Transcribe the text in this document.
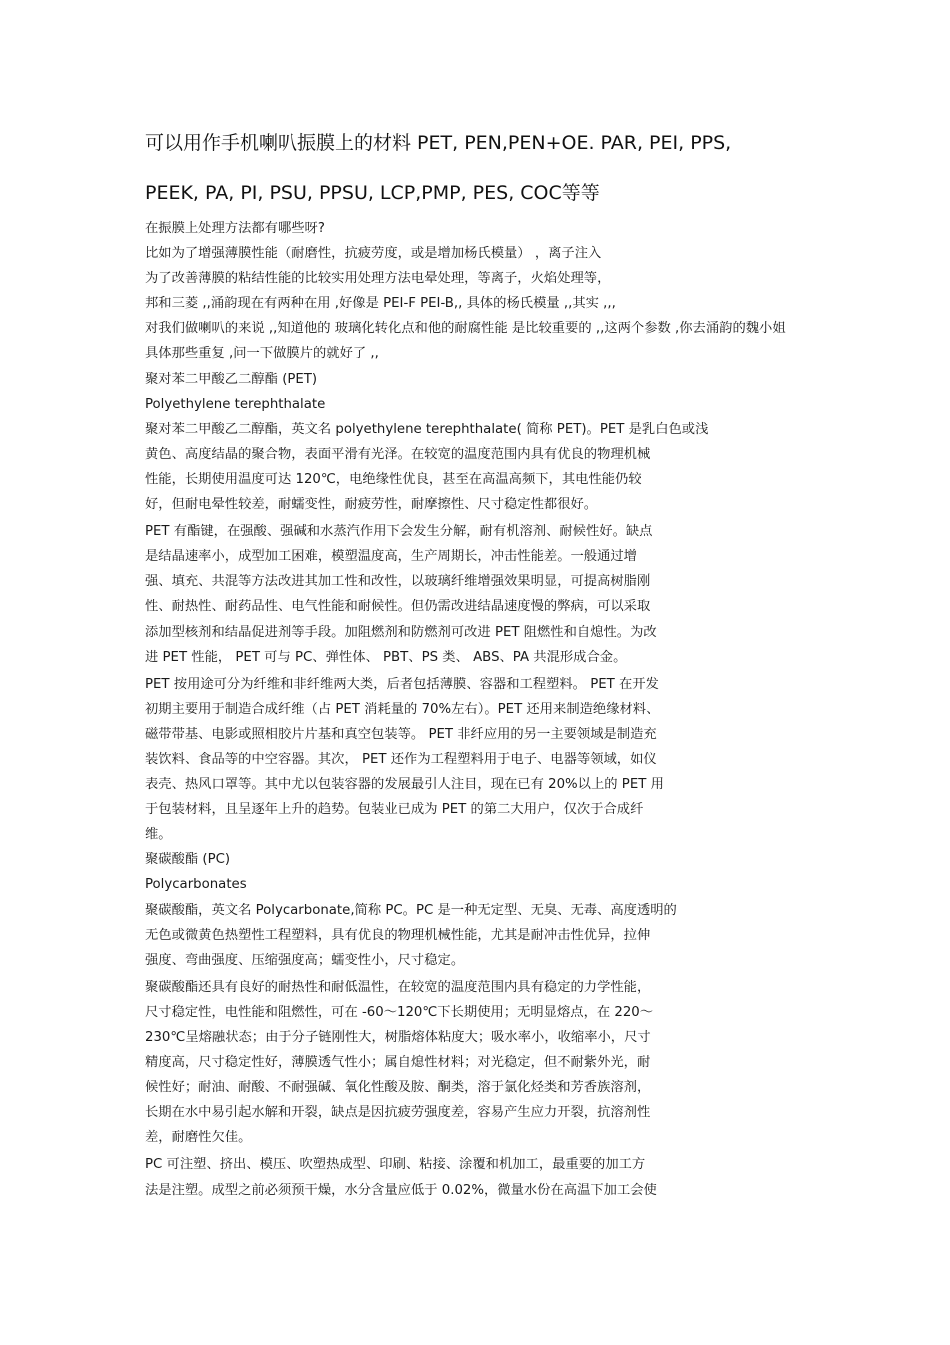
可以用作手机喇叭振膜上的材料 PET, PEN,PEN+OE. PAR, PEI, PPS,
PEEK, PA, PI, PSU, PPSU, LCP,PMP, PES, COC等等
在振膜上处理方法都有哪些呀?
比如为了增强薄膜性能（耐磨性，抗疲劳度，或是增加杨氏模量） ，离子注入
为了改善薄膜的粘结性能的比较实用处理方法电晕处理，等离子，火焰处理等，
邦和三菱 ,,涌韵现在有两种在用 ,好像是 PEI-F PEI-B,, 具体的杨氏模量 ,,其实 ,,,
对我们做喇叭的来说 ,,知道他的 玻璃化转化点和他的耐腐性能 是比较重要的 ,,这两个参数 ,你去涌韵的魏小姐
具体那些重复 ,问一下做膜片的就好了 ,,
聚对苯二甲酸乙二醇酯 (PET)
Polyethylene terephthalate
聚对苯二甲酸乙二醇酯，英文名 polyethylene terephthalate( 简称 PET)。PET 是乳白色或浅
黄色、高度结晶的聚合物，表面平滑有光泽。在较宽的温度范围内具有优良的物理机械
性能，长期使用温度可达 120℃，电绝缘性优良，甚至在高温高频下，其电性能仍较
好，但耐电晕性较差，耐蠕变性，耐疲劳性，耐摩擦性、尺寸稳定性都很好。
PET 有酯键，在强酸、强碱和水蒸汽作用下会发生分解，耐有机溶剂、耐候性好。缺点
是结晶速率小，成型加工困难，模塑温度高，生产周期长，冲击性能差。一般通过增
强、填充、共混等方法改进其加工性和改性，以玻璃纤维增强效果明显，可提高树脂刚
性、耐热性、耐药品性、电气性能和耐候性。但仍需改进结晶速度慢的弊病，可以采取
添加型核剂和结晶促进剂等手段。加阻燃剂和防燃剂可改进 PET 阻燃性和自熄性。为改
进 PET 性能， PET 可与 PC、弹性体、 PBT、PS 类、 ABS、PA 共混形成合金。
PET 按用途可分为纤维和非纤维两大类，后者包括薄膜、容器和工程塑料。 PET 在开发
初期主要用于制造合成纤维（占 PET 消耗量的 70%左右）。PET 还用来制造绝缘材料、
磁带带基、电影或照相胶片片基和真空包装等。 PET 非纤应用的另一主要领域是制造充
装饮料、食品等的中空容器。其次， PET 还作为工程塑料用于电子、电器等领域，如仪
表壳、热风口罩等。其中尤以包装容器的发展最引人注目，现在已有 20%以上的 PET 用
于包装材料，且呈逐年上升的趋势。包装业已成为 PET 的第二大用户，仅次于合成纤
维。
聚碳酸酯 (PC)
Polycarbonates
聚碳酸酯，英文名 Polycarbonate,简称 PC。PC 是一种无定型、无臭、无毒、高度透明的
无色或微黄色热塑性工程塑料，具有优良的物理机械性能，尤其是耐冲击性优异，拉伸
强度、弯曲强度、压缩强度高；蠕变性小，尺寸稳定。
聚碳酸酯还具有良好的耐热性和耐低温性，在较宽的温度范围内具有稳定的力学性能，
尺寸稳定性，电性能和阻燃性，可在 -60～120℃下长期使用；无明显熔点，在 220～
230℃呈熔融状态；由于分子链刚性大，树脂熔体粘度大；吸水率小，收缩率小，尺寸
精度高，尺寸稳定性好，薄膜透气性小；属自熄性材料；对光稳定，但不耐紫外光，耐
候性好；耐油、耐酸、不耐强碱、氧化性酸及胺、酮类，溶于氯化烃类和芳香族溶剂，
长期在水中易引起水解和开裂，缺点是因抗疲劳强度差，容易产生应力开裂，抗溶剂性
差，耐磨性欠佳。
PC 可注塑、挤出、模压、吹塑热成型、印刷、粘接、涂覆和机加工，最重要的加工方
法是注塑。成型之前必须预干燥，水分含量应低于 0.02%，微量水份在高温下加工会使
